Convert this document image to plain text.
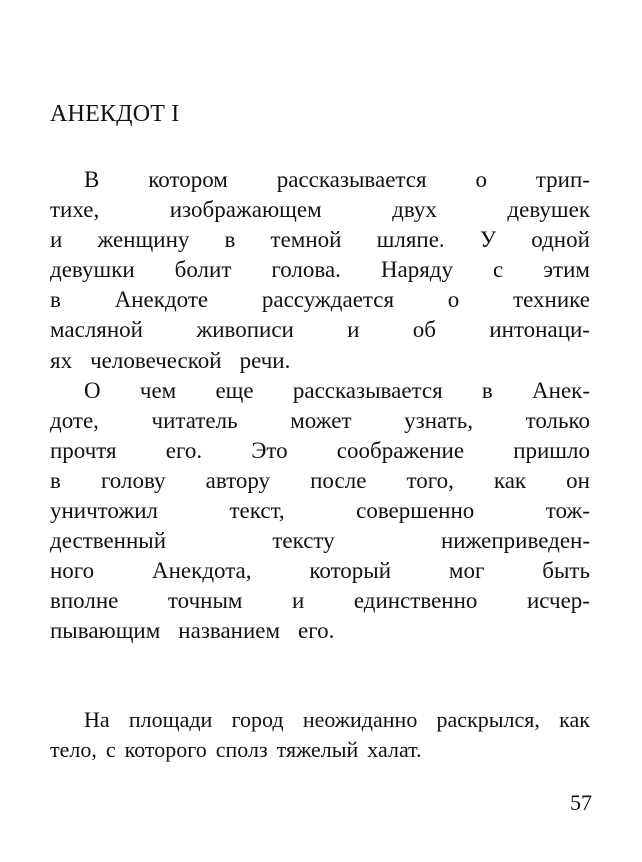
АНЕКДОТ I
В котором рассказывается о трип-
тихе,	изображающем	двух	девушек
и женщину в темной шляпе. У одной
девушки болит голова. Наряду с этим
в Анекдоте рассуждается о технике
масляной живописи и об интонаци-
ях человеческой речи.
О чем еще рассказывается в Анек-
доте, читатель может узнать, только
прочтя его. Это соображение пришло
в голову автору после того, как он
уничтожил	текст,	совершенно	тож-
дественный	тексту	нижеприведен-
ного	Анекдота,	который	мог	быть
вполне точным и единственно исчер-
пывающим названием его.
На площади город неожиданно раскрылся, как
тело, с которого сполз тяжелый халат.
57
